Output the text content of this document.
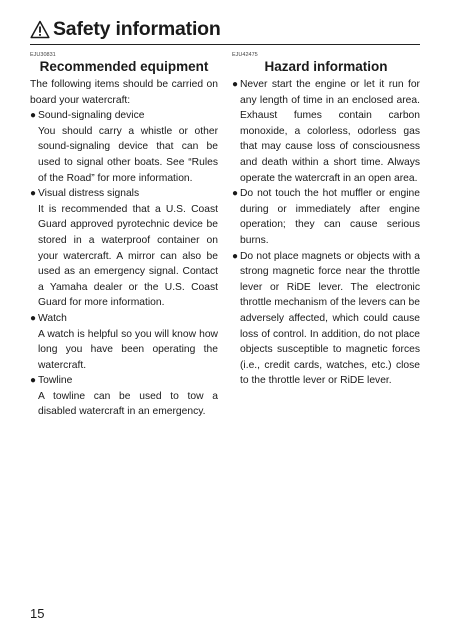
Safety information
EJU30831
Recommended equipment

The following items should be carried on board your watercraft:

● Sound-signaling device
You should carry a whistle or other sound-signaling device that can be used to signal other boats. See “Rules of the Road” for more information.
● Visual distress signals
It is recommended that a U.S. Coast Guard approved pyrotechnic device be stored in a waterproof container on your watercraft. A mirror can also be used as an emergency signal. Contact a Yamaha dealer or the U.S. Coast Guard for more information.
● Watch
A watch is helpful so you will know how long you have been operating the watercraft.
● Towline
A towline can be used to tow a disabled watercraft in an emergency.
EJU42475
Hazard information
● Never start the engine or let it run for any length of time in an enclosed area. Exhaust fumes contain carbon monoxide, a colorless, odorless gas that may cause loss of consciousness and death within a short time. Always operate the watercraft in an open area.
● Do not touch the hot muffler or engine during or immediately after engine operation; they can cause serious burns.
● Do not place magnets or objects with a strong magnetic force near the throttle lever or RiDE lever. The electronic throttle mechanism of the levers can be adversely affected, which could cause loss of control. In addition, do not place objects susceptible to magnetic forces (i.e., credit cards, watches, etc.) close to the throttle lever or RiDE lever.
15
